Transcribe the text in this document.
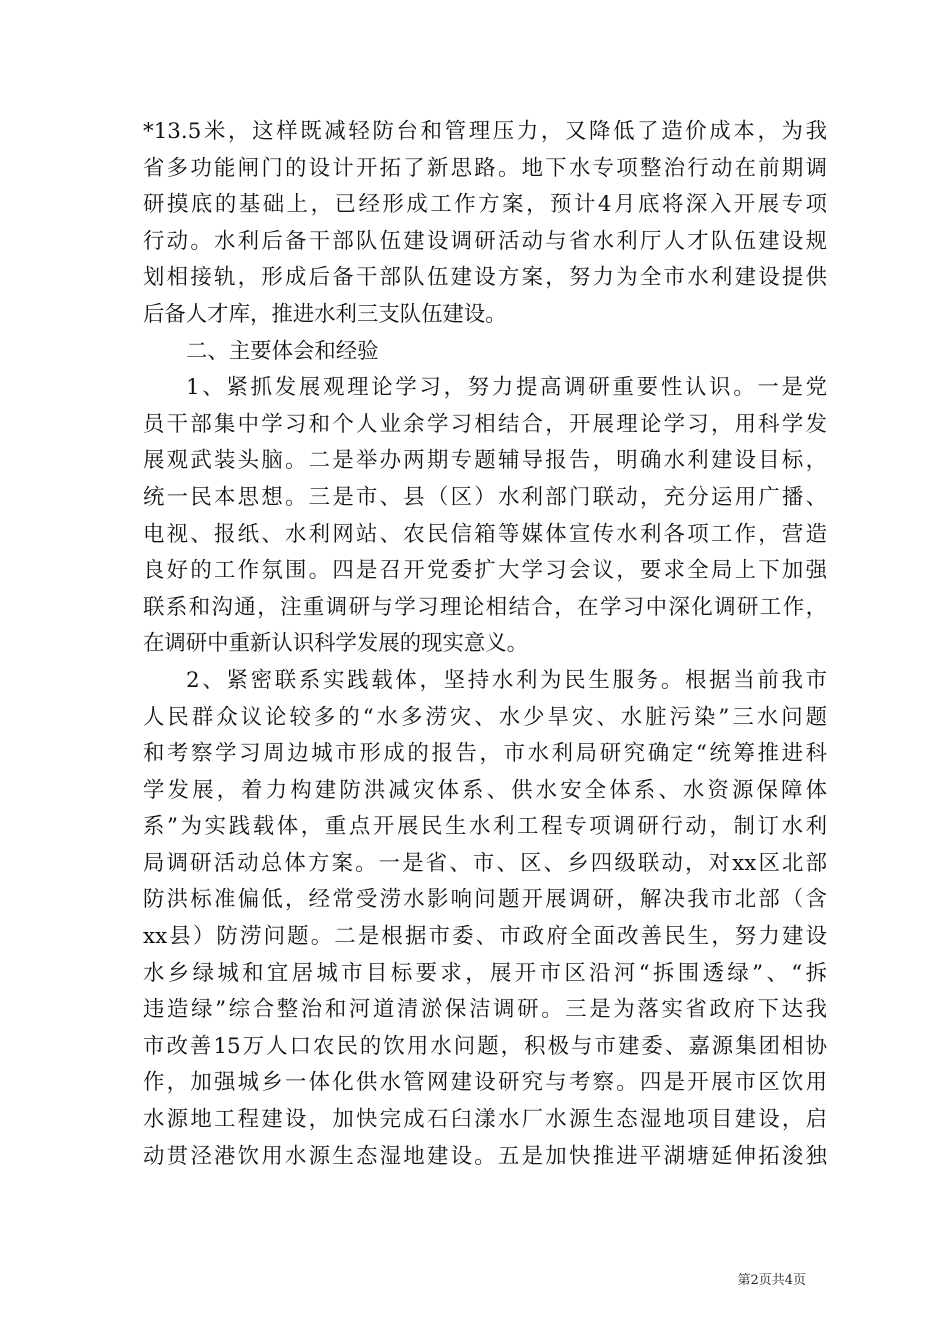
*13.5米，这样既减轻防台和管理压力，又降低了造价成本，为我
省多功能闸门的设计开拓了新思路。地下水专项整治行动在前期调
研摸底的基础上，已经形成工作方案，预计4月底将深入开展专项
行动。水利后备干部队伍建设调研活动与省水利厅人才队伍建设规
划相接轨，形成后备干部队伍建设方案，努力为全市水利建设提供
后备人才库，推进水利三支队伍建设。
二、主要体会和经验
1、紧抓发展观理论学习，努力提高调研重要性认识。一是党
员干部集中学习和个人业余学习相结合，开展理论学习，用科学发
展观武装头脑。二是举办两期专题辅导报告，明确水利建设目标，
统一民本思想。三是市、县（区）水利部门联动，充分运用广播、
电视、报纸、水利网站、农民信箱等媒体宣传水利各项工作，营造
良好的工作氛围。四是召开党委扩大学习会议，要求全局上下加强
联系和沟通，注重调研与学习理论相结合，在学习中深化调研工作，
在调研中重新认识科学发展的现实意义。
2、紧密联系实践载体，坚持水利为民生服务。根据当前我市
人民群众议论较多的“水多涝灾、水少旱灾、水脏污染”三水问题
和考察学习周边城市形成的报告，市水利局研究确定“统筹推进科
学发展，着力构建防洪减灾体系、供水安全体系、水资源保障体
系”为实践载体，重点开展民生水利工程专项调研行动，制订水利
局调研活动总体方案。一是省、市、区、乡四级联动，对xx区北部
防洪标准偏低，经常受涝水影响问题开展调研，解决我市北部（含
xx县）防涝问题。二是根据市委、市政府全面改善民生，努力建设
水乡绿城和宜居城市目标要求，展开市区沿河“拆围透绿”、“拆
违造绿”综合整治和河道清淤保洁调研。三是为落实省政府下达我
市改善15万人口农民的饮用水问题，积极与市建委、嘉源集团相协
作，加强城乡一体化供水管网建设研究与考察。四是开展市区饮用
水源地工程建设，加快完成石臼漾水厂水源生态湿地项目建设，启
动贯泾港饮用水源生态湿地建设。五是加快推进平湖塘延伸拓浚独
第2页共4页
